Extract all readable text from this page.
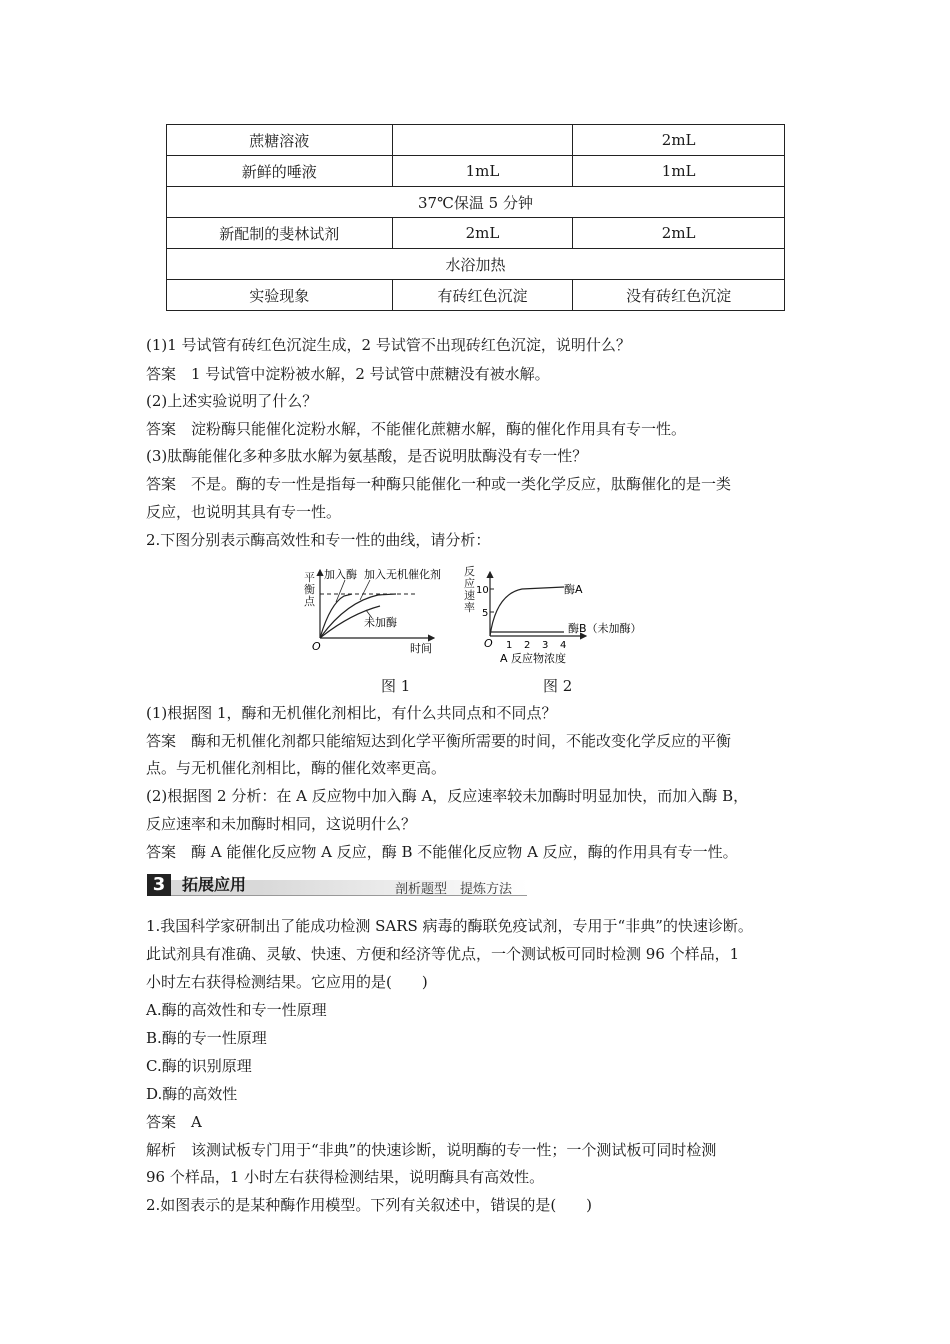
蔗糖溶液		2mL
新鲜的唾液	1mL	1mL
37℃保温 5 分钟		
新配制的斐林试剂	2mL	2mL
水浴加热		
实验现象	有砖红色沉淀	没有砖红色沉淀
(1)1 号试管有砖红色沉淀生成，2 号试管不出现砖红色沉淀，说明什么？
答案　1 号试管中淀粉被水解，2 号试管中蔗糖没有被水解。
(2)上述实验说明了什么？
答案　淀粉酶只能催化淀粉水解，不能催化蔗糖水解，酶的催化作用具有专一性。
(3)肽酶能催化多种多肽水解为氨基酸，是否说明肽酶没有专一性？
答案　不是。酶的专一性是指每一种酶只能催化一种或一类化学反应，肽酶催化的是一类
反应，也说明其具有专一性。
2.下图分别表示酶高效性和专一性的曲线，请分析：
加入酶 加入无机催化剂
未加酶
O	时间
平衡点
10
5
O 1 2 3 4
A 反应物浓度
酶A
酶B（未加酶）
反应速率
图 1	图 2
(1)根据图 1，酶和无机催化剂相比，有什么共同点和不同点？
答案　酶和无机催化剂都只能缩短达到化学平衡所需要的时间，不能改变化学反应的平衡
点。与无机催化剂相比，酶的催化效率更高。
(2)根据图 2 分析：在 A 反应物中加入酶 A，反应速率较未加酶时明显加快，而加入酶 B，
反应速率和未加酶时相同，这说明什么？
答案　酶 A 能催化反应物 A 反应，酶 B 不能催化反应物 A 反应，酶的作用具有专一性。
3	拓展应用	剖析题型　提炼方法
1.我国科学家研制出了能成功检测 SARS 病毒的酶联免疫试剂，专用于“非典”的快速诊断。
此试剂具有准确、灵敏、快速、方便和经济等优点，一个测试板可同时检测 96 个样品，1
小时左右获得检测结果。它应用的是(　　)
A.酶的高效性和专一性原理
B.酶的专一性原理
C.酶的识别原理
D.酶的高效性
答案　A
解析　该测试板专门用于“非典”的快速诊断，说明酶的专一性；一个测试板可同时检测
96 个样品，1 小时左右获得检测结果，说明酶具有高效性。
2.如图表示的是某种酶作用模型。下列有关叙述中，错误的是(　　)
